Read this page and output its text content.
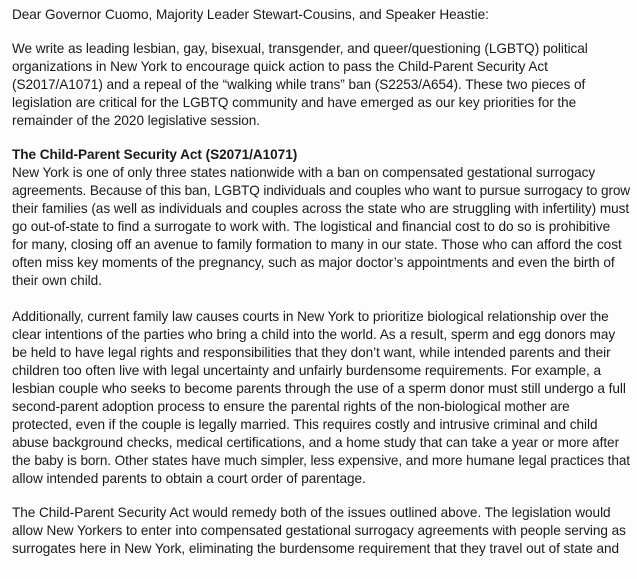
Dear Governor Cuomo, Majority Leader Stewart-Cousins, and Speaker Heastie:
We write as leading lesbian, gay, bisexual, transgender, and queer/questioning (LGBTQ) political
organizations in New York to encourage quick action to pass the Child-Parent Security Act
(S2017/A1071) and a repeal of the “walking while trans” ban (S2253/A654). These two pieces of
legislation are critical for the LGBTQ community and have emerged as our key priorities for the
remainder of the 2020 legislative session.
The Child-Parent Security Act (S2071/A1071)
New York is one of only three states nationwide with a ban on compensated gestational surrogacy
agreements. Because of this ban, LGBTQ individuals and couples who want to pursue surrogacy to grow
their families (as well as individuals and couples across the state who are struggling with infertility) must
go out-of-state to find a surrogate to work with. The logistical and financial cost to do so is prohibitive
for many, closing off an avenue to family formation to many in our state. Those who can afford the cost
often miss key moments of the pregnancy, such as major doctor’s appointments and even the birth of
their own child.
Additionally, current family law causes courts in New York to prioritize biological relationship over the
clear intentions of the parties who bring a child into the world. As a result, sperm and egg donors may
be held to have legal rights and responsibilities that they don’t want, while intended parents and their
children too often live with legal uncertainty and unfairly burdensome requirements. For example, a
lesbian couple who seeks to become parents through the use of a sperm donor must still undergo a full
second-parent adoption process to ensure the parental rights of the non-biological mother are
protected, even if the couple is legally married. This requires costly and intrusive criminal and child
abuse background checks, medical certifications, and a home study that can take a year or more after
the baby is born. Other states have much simpler, less expensive, and more humane legal practices that
allow intended parents to obtain a court order of parentage.
The Child-Parent Security Act would remedy both of the issues outlined above. The legislation would
allow New Yorkers to enter into compensated gestational surrogacy agreements with people serving as
surrogates here in New York, eliminating the burdensome requirement that they travel out of state and
